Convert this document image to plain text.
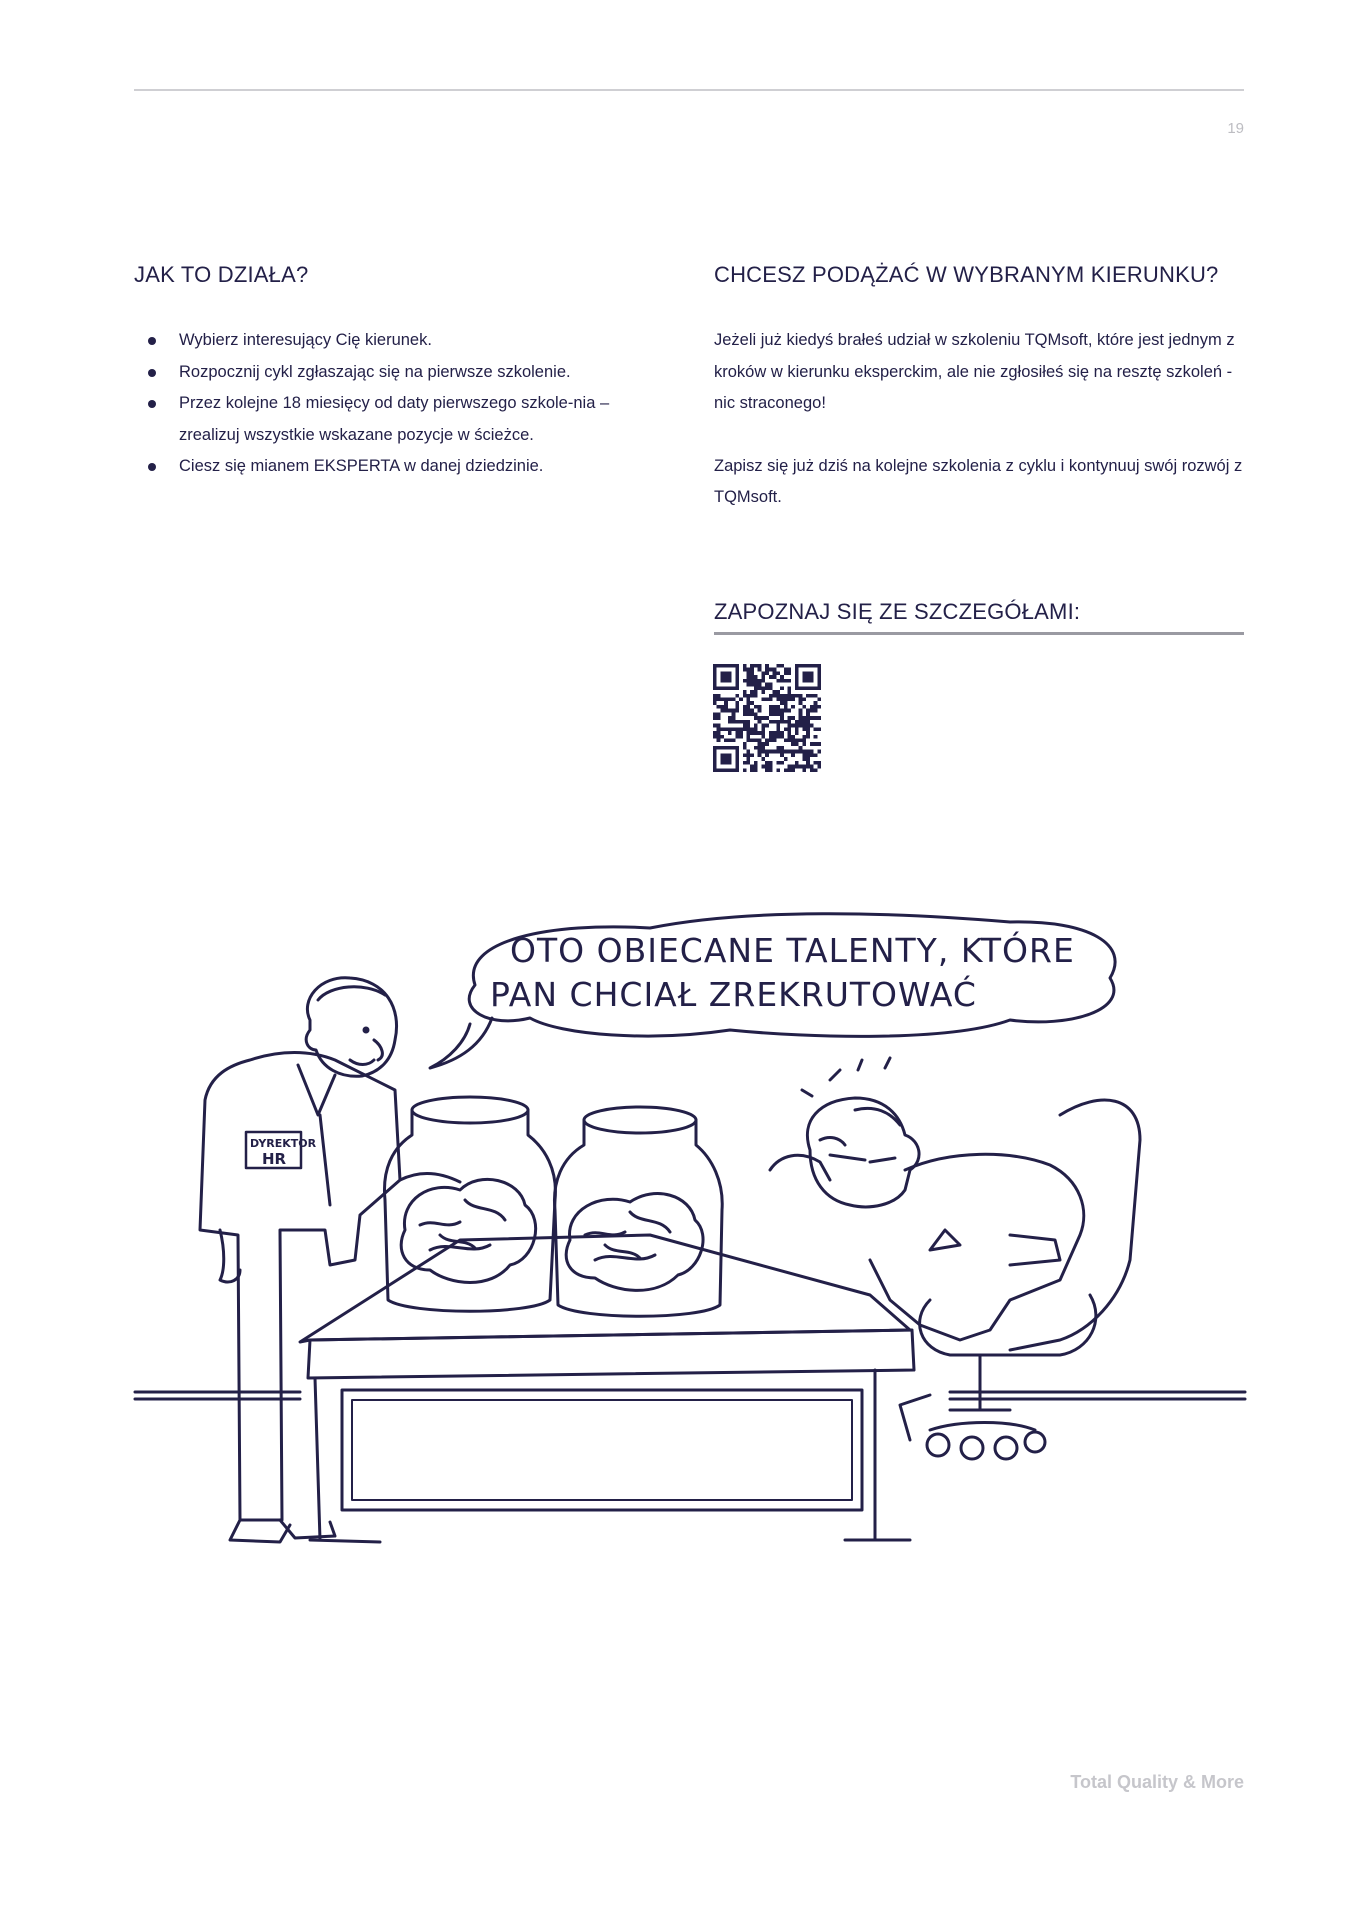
19
JAK TO DZIAŁA?
Wybierz interesujący Cię kierunek.
Rozpocznij cykl zgłaszając się na pierwsze szkolenie.
Przez kolejne 18 miesięcy od daty pierwszego szkole-nia – zrealizuj wszystkie wskazane pozycje w ścieżce.
Ciesz się mianem EKSPERTA w danej dziedzinie.
CHCESZ PODĄŻAĆ W WYBRANYM KIERUNKU?

Jeżeli już kiedyś brałeś udział w szkoleniu TQMsoft, które jest jednym z kroków w kierunku eksperckim, ale nie zgłosiłeś się na resztę szkoleń - nic straconego!

Zapisz się już dziś na kolejne szkolenia z cyklu i kontynuuj swój rozwój z TQMsoft.

ZAPOZNAJ SIĘ ZE SZCZEGÓŁAMI:
OTO OBIECANE TALENTY, KTÓRE
PAN CHCIAŁ ZREKRUTOWAĆ
DYREKTOR
HR
Total Quality & More
